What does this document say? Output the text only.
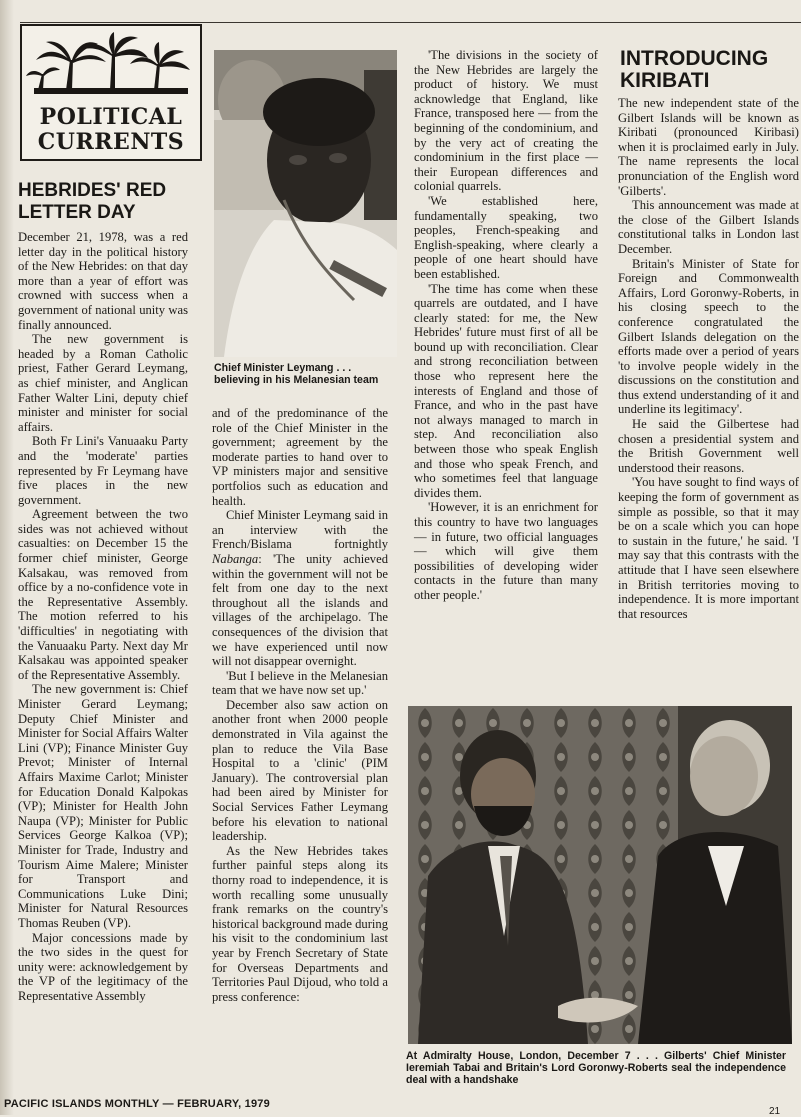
POLITICAL
CURRENTS
HEBRIDES' RED LETTER DAY
INTRODUCING KIRIBATI

December 21, 1978, was a red letter day in the political history of the New Hebrides: on that day more than a year of effort was crowned with success when a government of national unity was finally announced.

The new government is headed by a Roman Catholic priest, Father Gerard Leymang, as chief minister, and Anglican Father Walter Lini, deputy chief minister and minister for social affairs.

Both Fr Lini's Vanuaaku Party and the 'moderate' parties represented by Fr Leymang have five places in the new government.

Agreement between the two sides was not achieved without casualties: on December 15 the former chief minister, George Kalsakau, was removed from office by a no-confidence vote in the Representative Assembly. The motion referred to his 'difficulties' in negotiating with the Vanuaaku Party. Next day Mr Kalsakau was appointed speaker of the Representative Assembly.

The new government is: Chief Minister Gerard Leymang; Deputy Chief Minister and Minister for Social Affairs Walter Lini (VP); Finance Minister Guy Prevot; Minister of Internal Affairs Maxime Carlot; Minister for Education Donald Kalpokas (VP); Minister for Health John Naupa (VP); Minister for Public Services George Kalkoa (VP); Minister for Trade, Industry and Tourism Aime Malere; Minister for Transport and Communications Luke Dini; Minister for Natural Resources Thomas Reuben (VP).

Major concessions made by the two sides in the quest for unity were: acknowledgement by the VP of the legitimacy of the Representative Assembly

Chief Minister Leymang . . . believing in his Melanesian team

and of the predominance of the role of the Chief Minister in the government; agreement by the moderate parties to hand over to VP ministers major and sensitive portfolios such as education and health.

Chief Minister Leymang said in an interview with the French/Bislama fortnightly Nabanga: 'The unity achieved within the government will not be felt from one day to the next throughout all the islands and villages of the archipelago. The consequences of the division that we have experienced until now will not disappear overnight.

'But I believe in the Melanesian team that we have now set up.'

December also saw action on another front when 2000 people demonstrated in Vila against the plan to reduce the Vila Base Hospital to a 'clinic' (PIM January). The controversial plan had been aired by Minister for Social Services Father Leymang before his elevation to national leadership.

As the New Hebrides takes further painful steps along its thorny road to independence, it is worth recalling some unusually frank remarks on the country's historical background made during his visit to the condominium last year by French Secretary of State for Overseas Departments and Territories Paul Dijoud, who told a press conference:

'The divisions in the society of the New Hebrides are largely the product of history. We must acknowledge that England, like France, transposed here — from the beginning of the condominium, and by the very act of creating the condominium in the first place — their European differences and colonial quarrels.

'We established here, fundamentally speaking, two peoples, French-speaking and English-speaking, where clearly a people of one heart should have been established.

'The time has come when these quarrels are outdated, and I have clearly stated: for me, the New Hebrides' future must first of all be bound up with reconciliation. Clear and strong reconciliation between those who represent here the interests of England and those of France, and who in the past have not always managed to march in step. And reconciliation also between those who speak English and those who speak French, and who sometimes feel that language divides them.

'However, it is an enrichment for this country to have two languages — in future, two official languages — which will give them possibilities of developing wider contacts in the future than many other people.'

The new independent state of the Gilbert Islands will be known as Kiribati (pronounced Kiribasi) when it is proclaimed early in July. The name represents the local pronunciation of the English word 'Gilberts'.

This announcement was made at the close of the Gilbert Islands constitutional talks in London last December.

Britain's Minister of State for Foreign and Commonwealth Affairs, Lord Goronwy-Roberts, in his closing speech to the conference congratulated the Gilbert Islands delegation on the efforts made over a period of years 'to involve people widely in the discussions on the constitution and thus extend understanding of it and underline its legitimacy'.

He said the Gilbertese had chosen a presidential system and the British Government well understood their reasons.

'You have sought to find ways of keeping the form of government as simple as possible, so that it may be on a scale which you can hope to sustain in the future,' he said. 'I may say that this contrasts with the attitude that I have seen elsewhere in British territories moving to independence. It is more important that resources

At Admiralty House, London, December 7 . . . Gilberts' Chief Minister Ieremiah Tabai and Britain's Lord Goronwy-Roberts seal the independence deal with a handshake
PACIFIC ISLANDS MONTHLY — FEBRUARY, 1979
21
